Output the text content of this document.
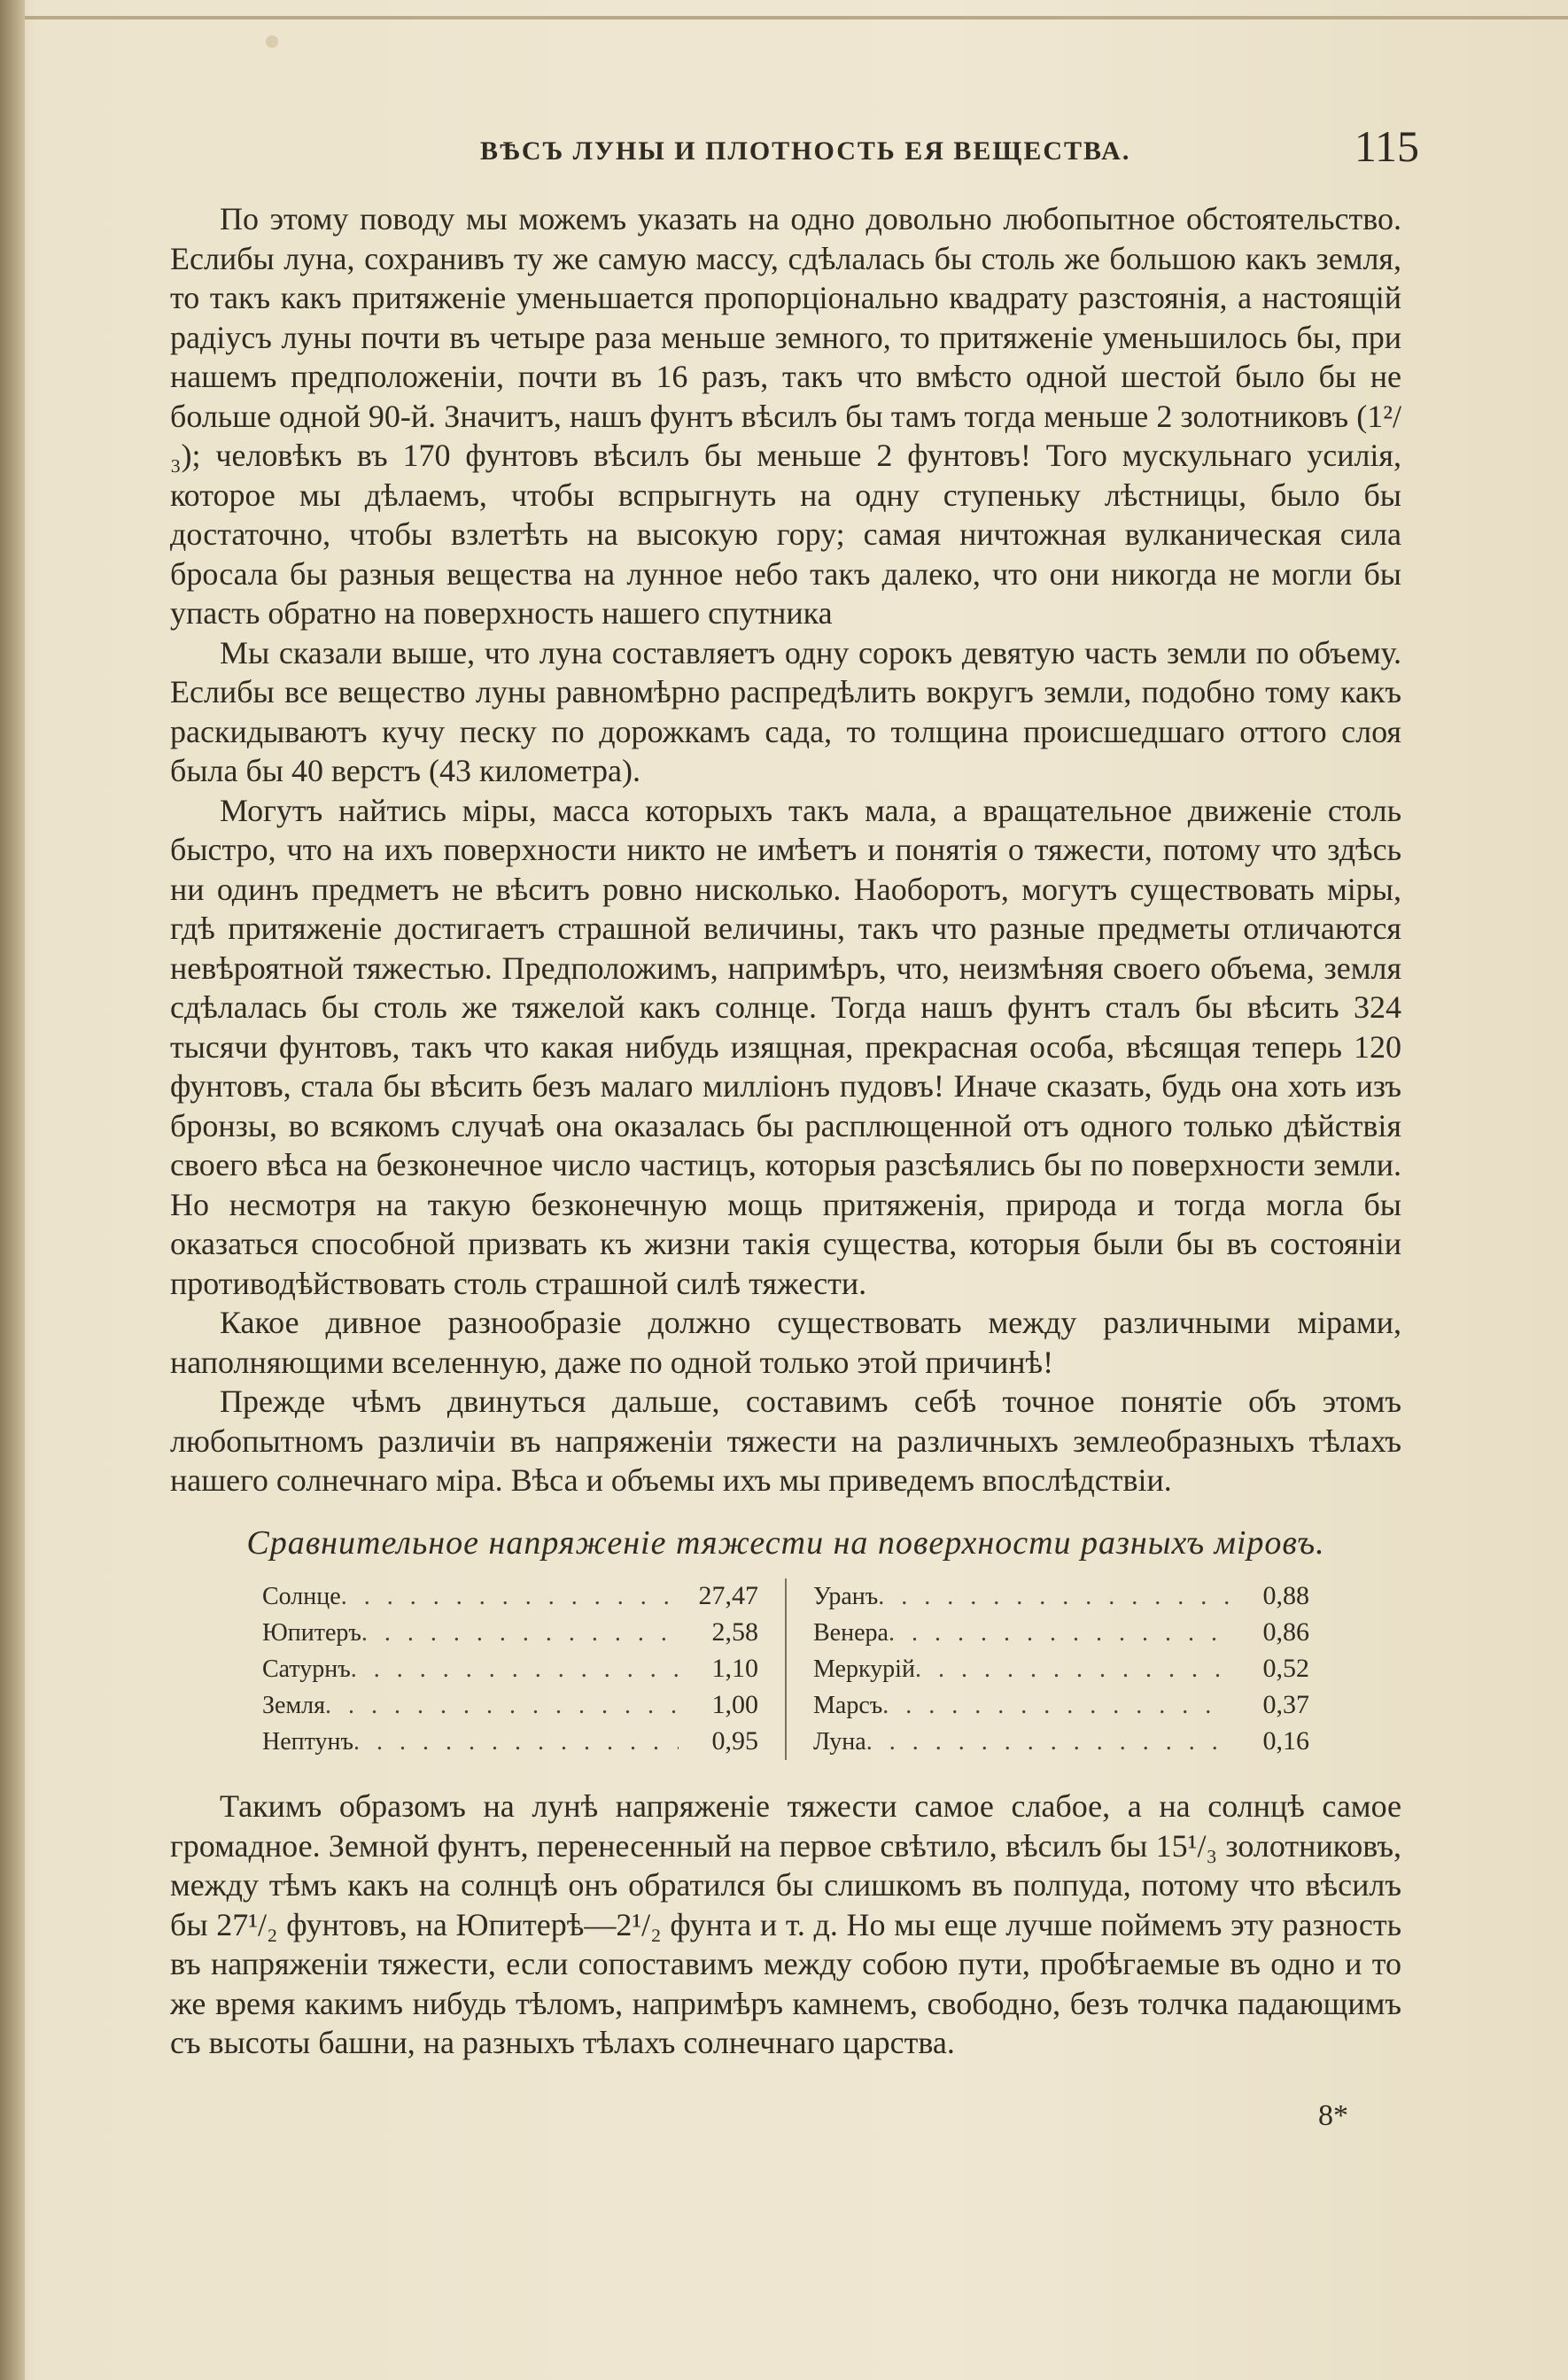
ВѢСЪ ЛУНЫ И ПЛОТНОСТЬ ЕЯ ВЕЩЕСТВА.	115

По этому поводу мы можемъ указать на одно довольно любопытное обстоятельство. Еслибы луна, сохранивъ ту же самую массу, сдѣлалась бы столь же большою какъ земля, то такъ какъ притяженіе уменьшается пропорціонально квадрату разстоянія, а настоящій радіусъ луны почти въ четыре раза меньше земного, то притяженіе уменьшилось бы, при нашемъ предположеніи, почти въ 16 разъ, такъ что вмѣсто одной шестой было бы не больше одной 90-й. Значитъ, нашъ фунтъ вѣсилъ бы тамъ тогда меньше 2 золотниковъ (1²/₃); человѣкъ въ 170 фунтовъ вѣсилъ бы меньше 2 фунтовъ! Того мускульнаго усилія, которое мы дѣлаемъ, чтобы вспрыгнуть на одну ступеньку лѣстницы, было бы достаточно, чтобы взлетѣть на высокую гору; самая ничтожная вулканическая сила бросала бы разныя вещества на лунное небо такъ далеко, что они никогда не могли бы упасть обратно на поверхность нашего спутника

Мы сказали выше, что луна составляетъ одну сорокъ девятую часть земли по объему. Еслибы все вещество луны равномѣрно распредѣлить вокругъ земли, подобно тому какъ раскидываютъ кучу песку по дорожкамъ сада, то толщина происшедшаго оттого слоя была бы 40 верстъ (43 километра).

Могутъ найтись міры, масса которыхъ такъ мала, а вращательное движеніе столь быстро, что на ихъ поверхности никто не имѣетъ и понятія о тяжести, потому что здѣсь ни одинъ предметъ не вѣситъ ровно нисколько. Наоборотъ, могутъ существовать міры, гдѣ притяженіе достигаетъ страшной величины, такъ что разные предметы отличаются невѣроятной тяжестью. Предположимъ, напримѣръ, что, неизмѣняя своего объема, земля сдѣлалась бы столь же тяжелой какъ солнце. Тогда нашъ фунтъ сталъ бы вѣсить 324 тысячи фунтовъ, такъ что какая нибудь изящная, прекрасная особа, вѣсящая теперь 120 фунтовъ, стала бы вѣсить безъ малаго милліонъ пудовъ! Иначе сказать, будь она хоть изъ бронзы, во всякомъ случаѣ она оказалась бы расплющенной отъ одного только дѣйствія своего вѣса на безконечное число частицъ, которыя разсѣялись бы по поверхности земли. Но несмотря на такую безконечную мощь притяженія, природа и тогда могла бы оказаться способной призвать къ жизни такія существа, которыя были бы въ состояніи противодѣйствовать столь страшной силѣ тяжести.

Какое дивное разнообразіе должно существовать между различными мірами, наполняющими вселенную, даже по одной только этой причинѣ!

Прежде чѣмъ двинуться дальше, составимъ себѣ точное понятіе объ этомъ любопытномъ различіи въ напряженіи тяжести на различныхъ землеобразныхъ тѣлахъ нашего солнечнаго міра. Вѣса и объемы ихъ мы приведемъ впослѣдствіи.

Сравнительное напряженіе тяжести на поверхности разныхъ міровъ.
Солнце . . .	27,47
Юпитеръ . . .	2,58
Сатурнъ . . .	1,10
Земля . . .	1,00
Нептунъ . . .	0,95
Уранъ . . .	0,88
Венера . . .	0,86
Меркурій . . .	0,52
Марсъ . . .	0,37
Луна . . .	0,16

Такимъ образомъ на лунѣ напряженіе тяжести самое слабое, а на солнцѣ самое громадное. Земной фунтъ, перенесенный на первое свѣтило, вѣсилъ бы 15¹/₃ золотниковъ, между тѣмъ какъ на солнцѣ онъ обратился бы слишкомъ въ полпуда, потому что вѣсилъ бы 27¹/₂ фунтовъ, на Юпитерѣ—2¹/₂ фунта и т. д. Но мы еще лучше поймемъ эту разность въ напряженіи тяжести, если сопоставимъ между собою пути, пробѣгаемые въ одно и то же время какимъ нибудь тѣломъ, напримѣръ камнемъ, свободно, безъ толчка падающимъ съ высоты башни, на разныхъ тѣлахъ солнечнаго царства.

8*
